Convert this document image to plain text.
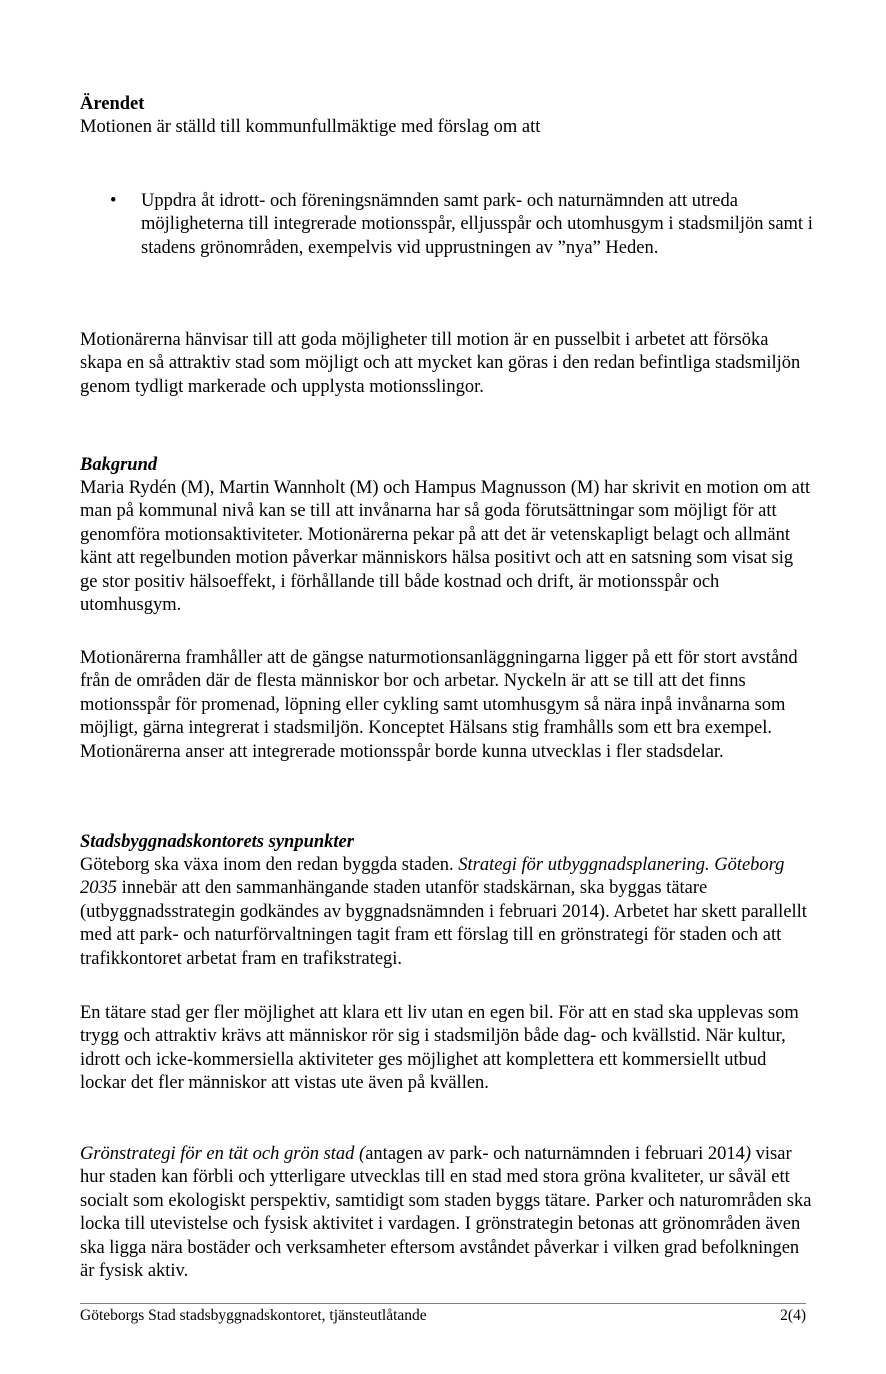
Ärendet

Motionen är ställd till kommunfullmäktige med förslag om att

• Uppdra åt idrott- och föreningsnämnden samt park- och naturnämnden att utreda möjligheterna till integrerade motionsspår, elljusspår och utomhusgym i stadsmiljön samt i stadens grönområden, exempelvis vid upprustningen av ”nya” Heden.

Motionärerna hänvisar till att goda möjligheter till motion är en pusselbit i arbetet att försöka skapa en så attraktiv stad som möjligt och att mycket kan göras i den redan befintliga stadsmiljön genom tydligt markerade och upplysta motionsslingor.

Bakgrund

Maria Rydén (M), Martin Wannholt (M) och Hampus Magnusson (M) har skrivit en motion om att man på kommunal nivå kan se till att invånarna har så goda förutsättningar som möjligt för att genomföra motionsaktiviteter. Motionärerna pekar på att det är vetenskapligt belagt och allmänt känt att regelbunden motion påverkar människors hälsa positivt och att en satsning som visat sig ge stor positiv hälsoeffekt, i förhållande till både kostnad och drift, är motionsspår och utomhusgym.

Motionärerna framhåller att de gängse naturmotionsanläggningarna ligger på ett för stort avstånd från de områden där de flesta människor bor och arbetar. Nyckeln är att se till att det finns motionsspår för promenad, löpning eller cykling samt utomhusgym så nära inpå invånarna som möjligt, gärna integrerat i stadsmiljön. Konceptet Hälsans stig framhålls som ett bra exempel. Motionärerna anser att integrerade motionsspår borde kunna utvecklas i fler stadsdelar.

Stadsbyggnadskontorets synpunkter

Göteborg ska växa inom den redan byggda staden. Strategi för utbyggnadsplanering. Göteborg 2035 innebär att den sammanhängande staden utanför stadskärnan, ska byggas tätare (utbyggnadsstrategin godkändes av byggnadsnämnden i februari 2014). Arbetet har skett parallellt med att park- och naturförvaltningen tagit fram ett förslag till en grönstrategi för staden och att trafikkontoret arbetat fram en trafikstrategi.

En tätare stad ger fler möjlighet att klara ett liv utan en egen bil. För att en stad ska upplevas som trygg och attraktiv krävs att människor rör sig i stadsmiljön både dag- och kvällstid. När kultur, idrott och icke-kommersiella aktiviteter ges möjlighet att komplettera ett kommersiellt utbud lockar det fler människor att vistas ute även på kvällen.

Grönstrategi för en tät och grön stad (antagen av park- och naturnämnden i februari 2014) visar hur staden kan förbli och ytterligare utvecklas till en stad med stora gröna kvaliteter, ur såväl ett socialt som ekologiskt perspektiv, samtidigt som staden byggs tätare. Parker och naturområden ska locka till utevistelse och fysisk aktivitet i vardagen. I grönstrategin betonas att grönområden även ska ligga nära bostäder och verksamheter eftersom avståndet påverkar i vilken grad befolkningen är fysisk aktiv.

Göteborgs Stad stadsbyggnadskontoret, tjänsteutlåtande	2(4)
